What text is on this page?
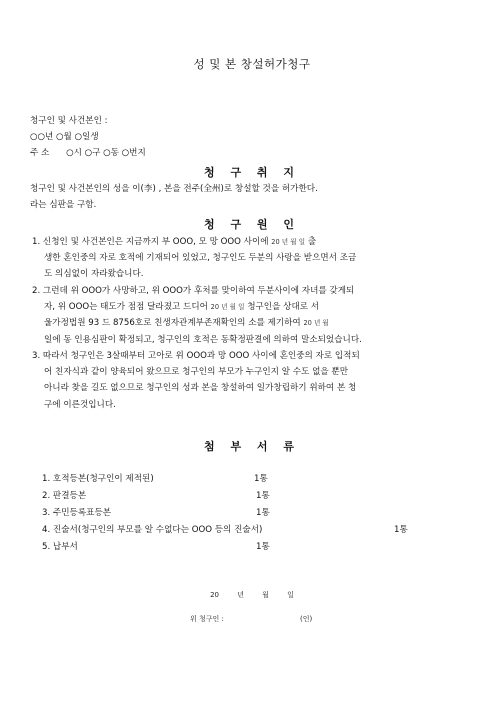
성 및 본 창설허가청구
청구인 및 사건본인 :
○○년 ○월 ○일생
주 소 ○시 ○구 ○동 ○번지
청 구 취 지
청구인 및 사건본인의 성을 이(李) , 본을 전주(全州)로 창설할 것을 허가한다.
라는 심판을 구함.
청 구 원 인
1. 신청인 및 사건본인은 지금까지 부 OOO, 모 망 OOO 사이에 20 년 월 일 출
생한 혼인중의 자로 호적에 기재되어 있었고, 청구인도 두분의 사랑을 받으면서 조금
도 의심없이 자라왔습니다.
2. 그런데 위 OOO가 사망하고, 위 OOO가 후처를 맞이하여 두분사이에 자녀를 갖게되
자, 위 OOO는 태도가 점점 달라졌고 드디어 20 년 월 일 청구인을 상대로 서
울가정법원 93 드 8756호로 친생자관계부존재확인의 소를 제기하여 20 년 월
일에 동 인용심판이 확정되고, 청구인의 호적은 동확정판결에 의하여 말소되었습니다.
3. 따라서 청구인은 3살때부터 고아로 위 OOO과 망 OOO 사이에 혼인중의 자로 입적되
어 친자식과 같이 양육되어 왔으므로 청구인의 부모가 누구인지 알 수도 없을 뿐만
아니라 찾을 길도 없으므로 청구인의 성과 본을 창설하여 일가창립하기 위하여 본 청
구에 이른것입니다.
첨 부 서 류
1. 호적등본(청구인이 제적된)	1통
2. 판결등본	1통
3. 주민등록표등본	1통
4. 진술서(청구인의 부모를 알 수없다는 OOO 등의 진술서)	1통
5. 납부서	1통
20 년 월 일
위 청구인 :	(인)
